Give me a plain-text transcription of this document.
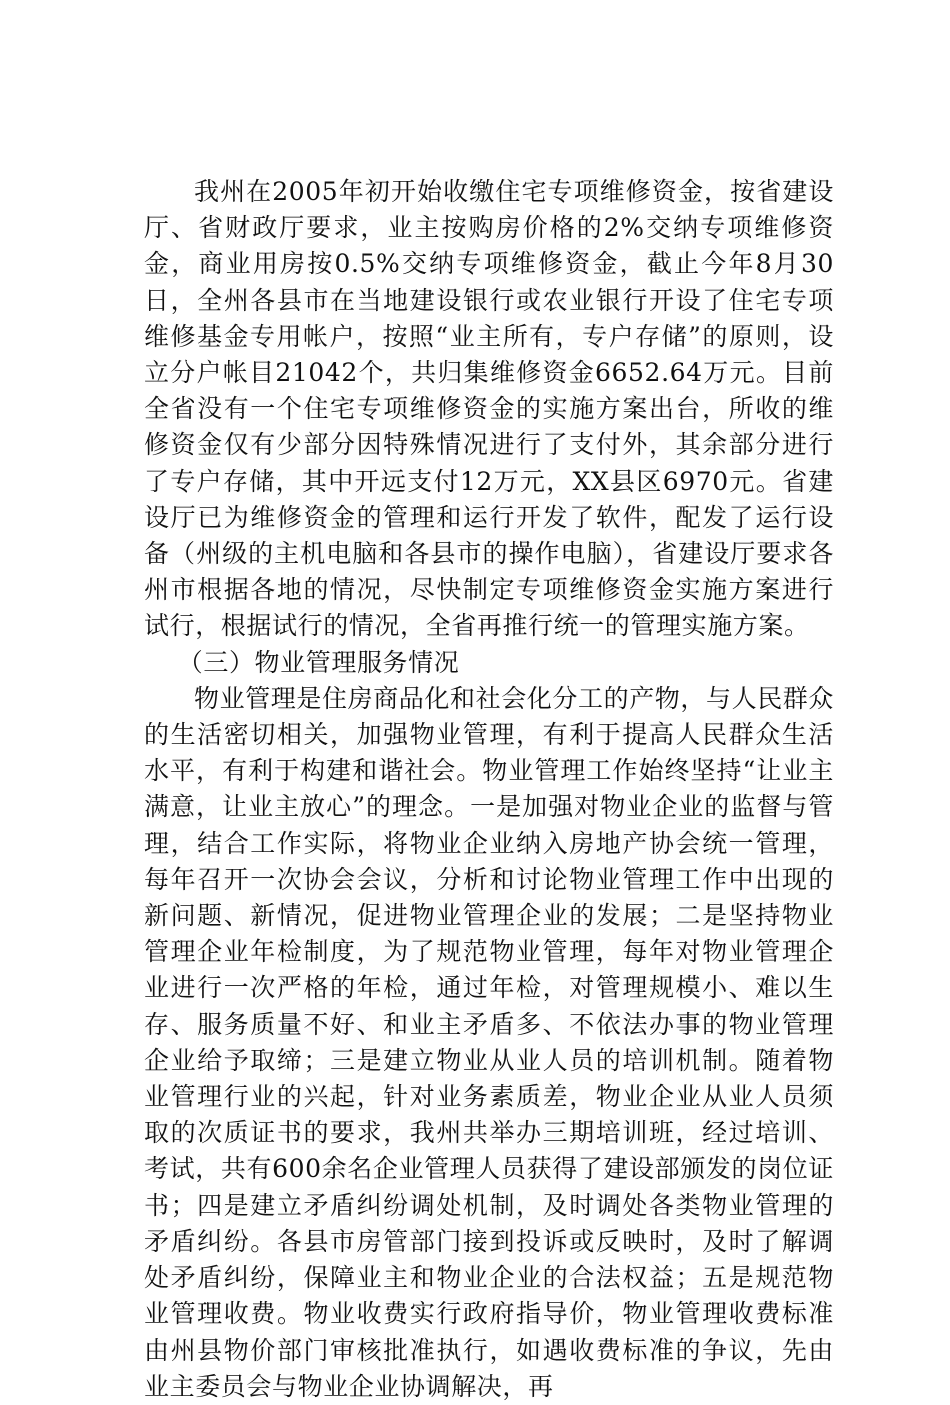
我州在2005年初开始收缴住宅专项维修资金，按省建设厅、省财政厅要求，业主按购房价格的2%交纳专项维修资金，商业用房按0.5%交纳专项维修资金，截止今年8月30日，全州各县市在当地建设银行或农业银行开设了住宅专项维修基金专用帐户，按照“业主所有，专户存储”的原则，设立分户帐目21042个，共归集维修资金6652.64万元。目前全省没有一个住宅专项维修资金的实施方案出台，所收的维修资金仅有少部分因特殊情况进行了支付外，其余部分进行了专户存储，其中开远支付12万元，XX县区6970元。省建设厅已为维修资金的管理和运行开发了软件，配发了运行设备（州级的主机电脑和各县市的操作电脑），省建设厅要求各州市根据各地的情况，尽快制定专项维修资金实施方案进行试行，根据试行的情况，全省再推行统一的管理实施方案。

（三）物业管理服务情况

物业管理是住房商品化和社会化分工的产物，与人民群众的生活密切相关，加强物业管理，有利于提高人民群众生活水平，有利于构建和谐社会。物业管理工作始终坚持“让业主满意，让业主放心”的理念。一是加强对物业企业的监督与管理，结合工作实际，将物业企业纳入房地产协会统一管理，每年召开一次协会会议，分析和讨论物业管理工作中出现的新问题、新情况，促进物业管理企业的发展；二是坚持物业管理企业年检制度，为了规范物业管理，每年对物业管理企业进行一次严格的年检，通过年检，对管理规模小、难以生存、服务质量不好、和业主矛盾多、不依法办事的物业管理企业给予取缔；三是建立物业从业人员的培训机制。随着物业管理行业的兴起，针对业务素质差，物业企业从业人员须取的次质证书的要求，我州共举办三期培训班，经过培训、考试，共有600余名企业管理人员获得了建设部颁发的岗位证书；四是建立矛盾纠纷调处机制，及时调处各类物业管理的矛盾纠纷。各县市房管部门接到投诉或反映时，及时了解调处矛盾纠纷，保障业主和物业企业的合法权益；五是规范物业管理收费。物业收费实行政府指导价，物业管理收费标准由州县物价部门审核批准执行，如遇收费标准的争议，先由业主委员会与物业企业协调解决，再
